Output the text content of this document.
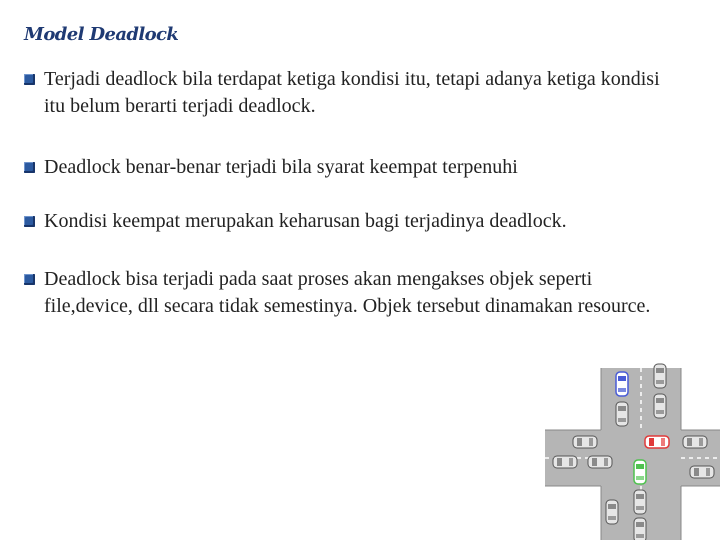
Model Deadlock
Terjadi deadlock bila terdapat ketiga kondisi itu, tetapi adanya ketiga kondisi itu belum berarti terjadi deadlock.
Deadlock benar-benar terjadi bila syarat keempat terpenuhi
Kondisi keempat merupakan keharusan bagi terjadinya deadlock.
Deadlock bisa terjadi pada saat proses akan mengakses objek seperti file,device, dll secara tidak semestinya. Objek tersebut dinamakan resource.
